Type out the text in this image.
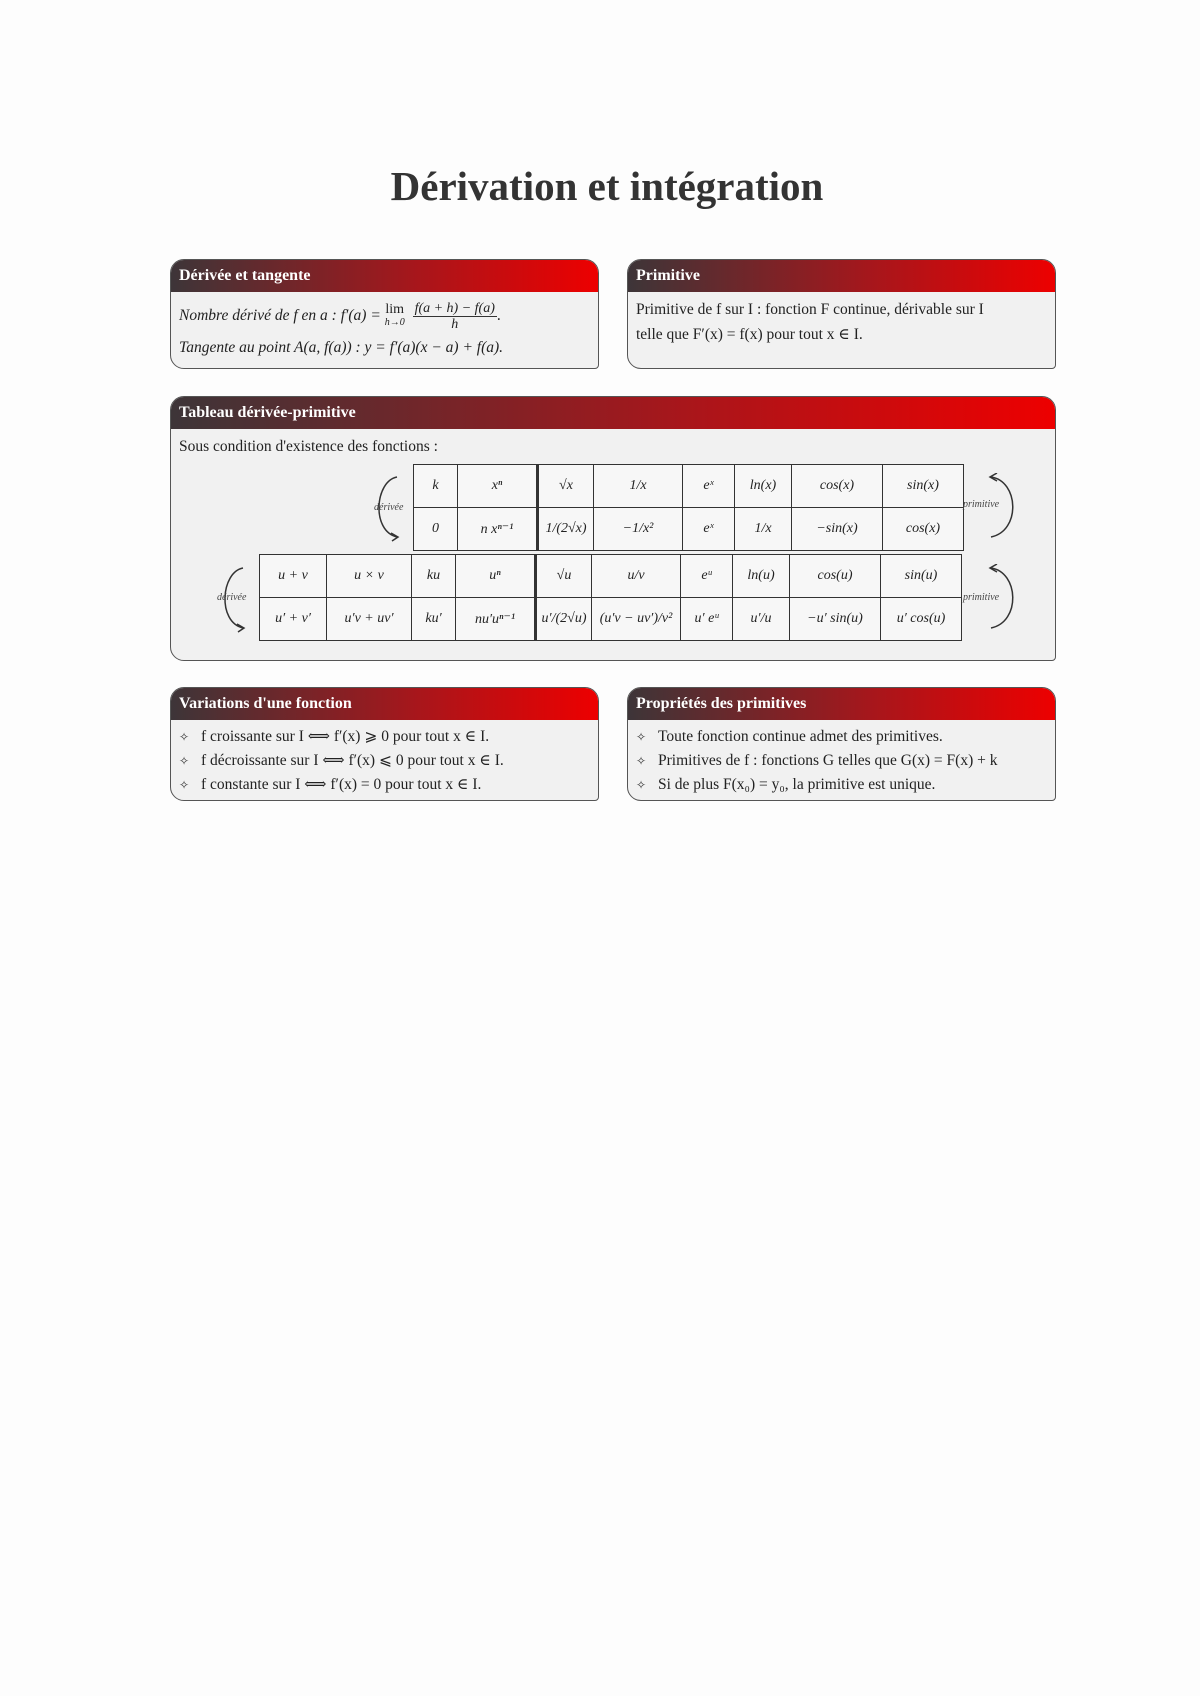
Dérivation et intégration
Dérivée et tangente
Nombre dérivé de f en a : f′(a) = lim
h→0
$\frac{f(a + h) - f(a)}{h}$ .
Tangente au point A(a, f(a)) : y = f′(a)(x − a) + f(a).
Primitive
Primitive de f sur I : fonction F continue, dérivable sur I
telle que F′(x) = f(x) pour tout x ∈ I.
Tableau dérivée-primitive
Sous condition d'existence des fonctions :
k	xⁿ	√x	1/x	eˣ	ln(x)	cos(x)	sin(x)
0	n xⁿ⁻¹	1/(2√x)	−1/x²	eˣ	1/x	−sin(x)	cos(x)
u + v	u × v	ku	uⁿ	√u	u/v	eᵘ	ln(u)	cos(u)	sin(u)
u′ + v′	u′v + uv′	ku′	nu′uⁿ⁻¹	u′/(2√u)	(u′v − uv′)/v²	u′ eᵘ	u′/u	−u′ sin(u)	u′ cos(u)
dérivée	primitive
dérivée	primitive
Variations d'une fonction
✧ f croissante sur I ⟺ f′(x) ⩾ 0 pour tout x ∈ I.
✧ f décroissante sur I ⟺ f′(x) ⩽ 0 pour tout x ∈ I.
✧ f constante sur I ⟺ f′(x) = 0 pour tout x ∈ I.
Propriétés des primitives
✧ Toute fonction continue admet des primitives.
✧ Primitives de f : fonctions G telles que G(x) = F(x) + k
✧ Si de plus F(x₀) = y₀, la primitive est unique.
